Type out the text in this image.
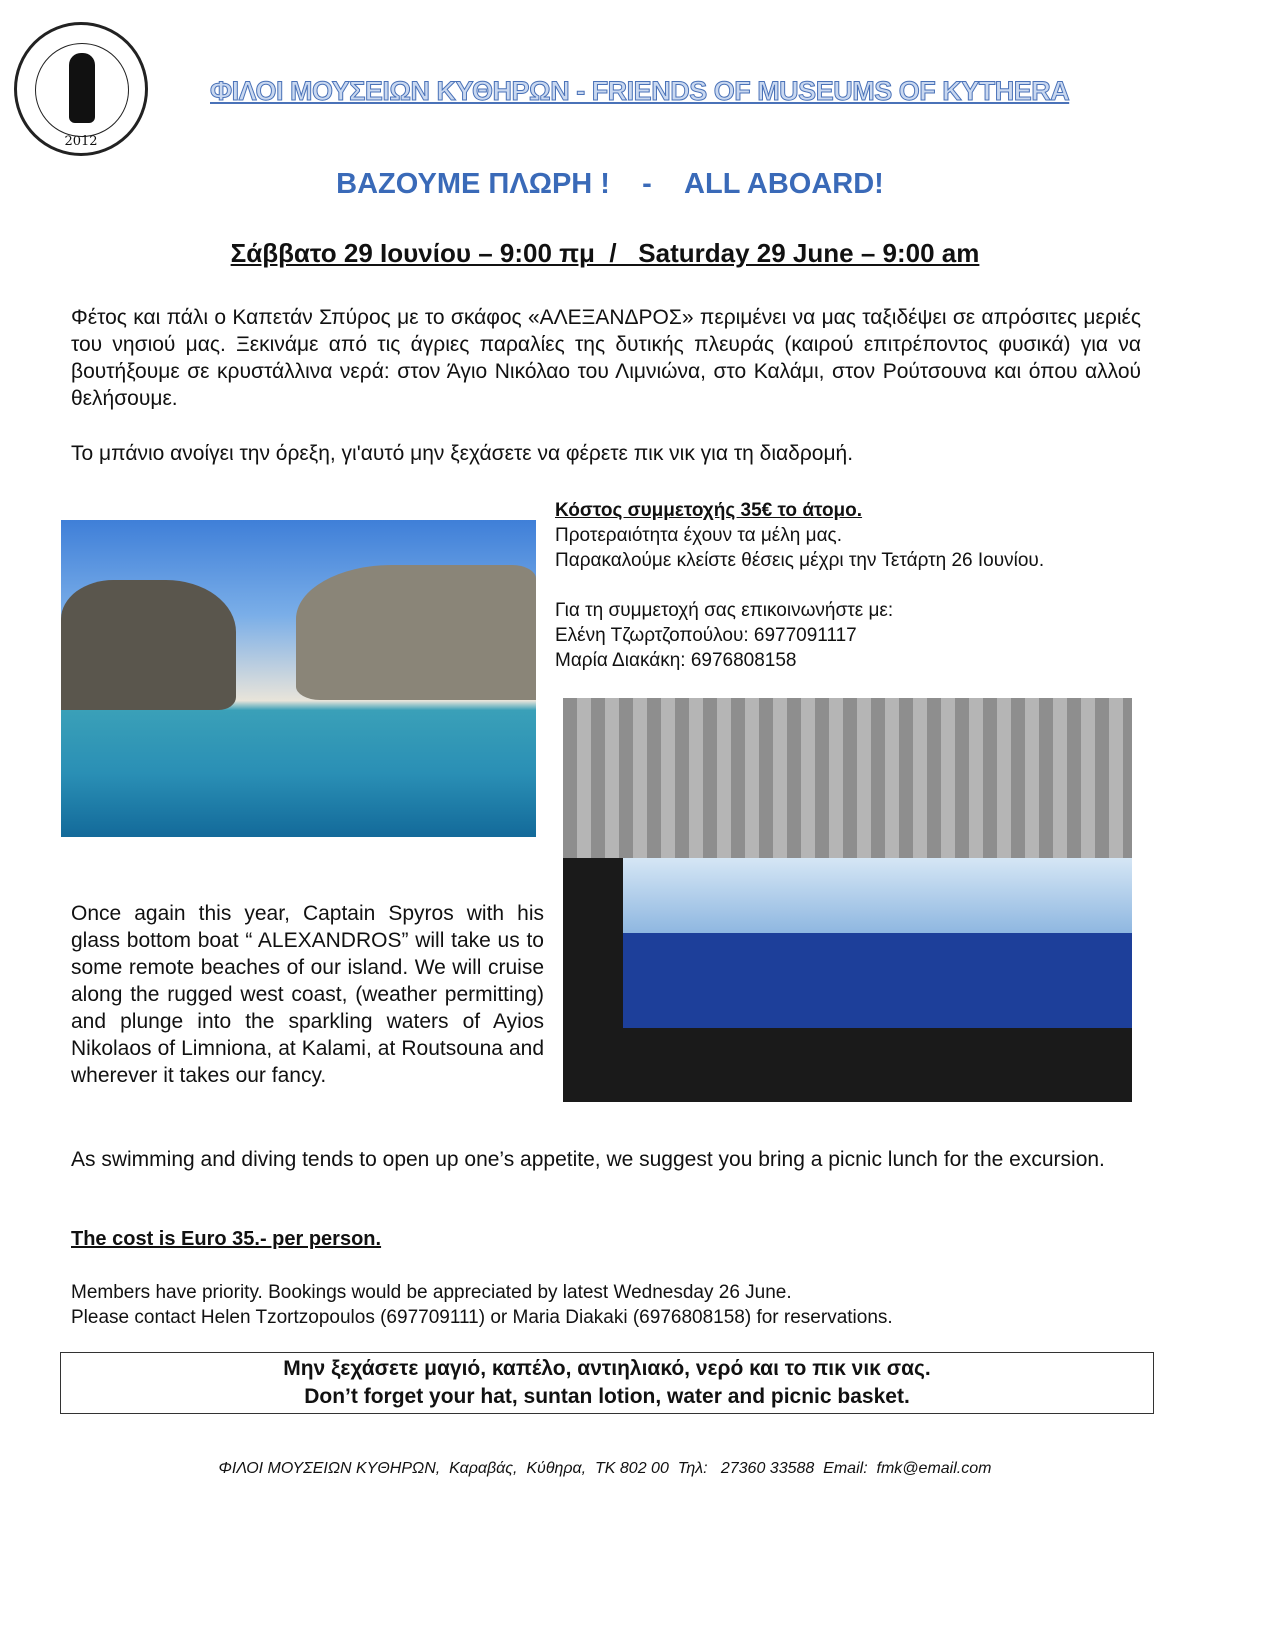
2012
ΦΙΛΟΙ ΜΟΥΣΕΙΩΝ ΚΥΘΗΡΩΝ - FRIENDS OF MUSEUMS OF KYTHERA
ΒΑΖΟΥΜΕ ΠΛΩΡΗ !    -    ALL ABOARD!
Σάββατο 29 Ιουνίου – 9:00 πμ  /   Saturday 29 June – 9:00 am
Φέτος και πάλι ο Καπετάν Σπύρος με το σκάφος «ΑΛΕΞΑΝΔΡΟΣ» περιμένει να μας ταξιδέψει σε απρόσιτες μεριές του νησιού μας. Ξεκινάμε από τις άγριες παραλίες της δυτικής πλευράς (καιρού επιτρέποντος φυσικά) για να βουτήξουμε σε κρυστάλλινα νερά: στον Άγιο Νικόλαο του Λιμνιώνα, στο Καλάμι, στον Ρούτσουνα και όπου αλλού θελήσουμε.
Το μπάνιο ανοίγει την όρεξη, γι'αυτό μην ξεχάσετε να φέρετε πικ νικ για τη διαδρομή.
Κόστος συμμετοχής 35€ το άτομο.
Προτεραιότητα έχουν τα μέλη μας.
Παρακαλούμε κλείστε θέσεις μέχρι την Τετάρτη 26 Ιουνίου.
Για τη συμμετοχή σας επικοινωνήστε με:
Ελένη Τζωρτζοπούλου: 6977091117
Μαρία Διακάκη: 6976808158
Once again this year, Captain Spyros with his glass bottom boat “ ALEXANDROS” will take us to some remote beaches of our island. We will cruise along the rugged west coast, (weather permitting) and plunge into the sparkling waters of Ayios Nikolaos of Limniona, at Kalami, at Routsouna and wherever it takes our fancy.
As swimming and diving tends to open up one’s appetite, we suggest you bring a picnic lunch for the excursion.
The cost is Euro 35.- per person.
Members have priority. Bookings would be appreciated by latest Wednesday 26 June.
Please contact Helen Tzortzopoulos (697709111) or Maria Diakaki (6976808158) for reservations.
Μην ξεχάσετε μαγιό, καπέλο, αντιηλιακό, νερό και το πικ νικ σας.
Don’t forget your hat, suntan lotion, water and picnic basket.
ΦΙΛΟΙ ΜΟΥΣΕΙΩΝ ΚΥΘΗΡΩΝ,  Καραβάς,  Κύθηρα,  ΤΚ 802 00  Τηλ:   27360 33588  Email:  fmk@email.com
